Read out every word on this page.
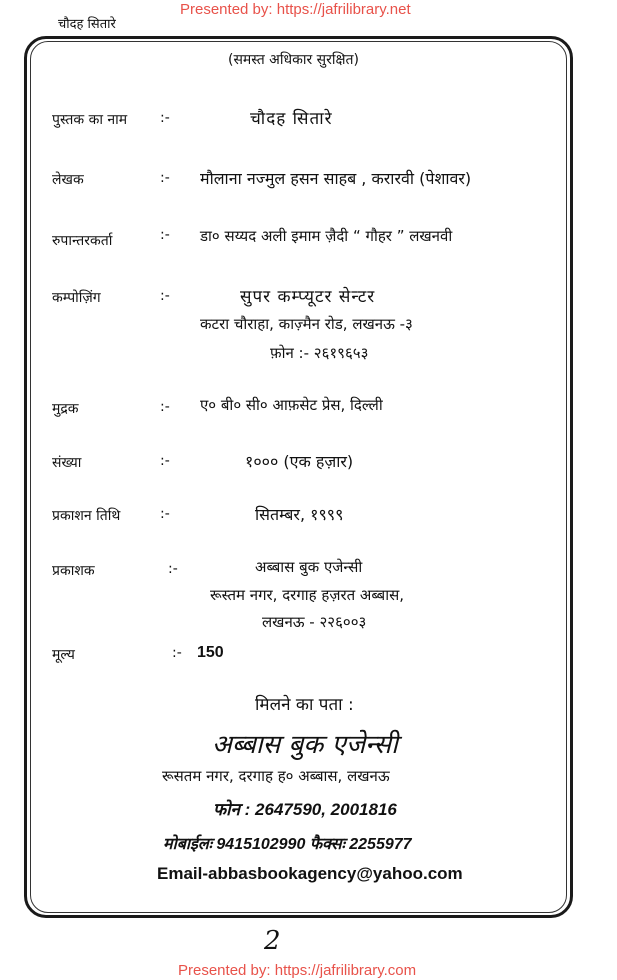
Presented by: https://jafrilibrary.net
चौदह सितारे
(समस्त अधिकार सुरक्षित)
पुस्तक का नाम :-	चौदह सितारे
लेखक	:- मौलाना नज्मुल हसन साहब , करारवी (पेशावर)
रुपान्तरकर्ता	:- डा० सय्यद अली इमाम ज़ैदी “ गौहर ” लखनवी
कम्पोज़िंग	:-	सुपर कम्प्यूटर सेन्टर
कटरा चौराहा, काज़्मैन रोड, लखनऊ -३
फ़ोन :- २६१९६५३
मुद्रक	:- ए० बी० सी० आफ़सेट प्रेस, दिल्ली
संख्या	:-	१००० (एक हज़ार)
प्रकाशन तिथि	:-	सितम्बर, १९९९
प्रकाशक	:-	अब्बास बुक एजेन्सी
रूस्तम नगर, दरगाह हज़रत अब्बास,
लखनऊ - २२६००३
मूल्य	:- 150
मिलने का पता :
अब्बास बुक एजेन्सी
रूसतम नगर, दरगाह ह० अब्बास, लखनऊ
फोन : 2647590, 2001816
मोबाईलः 9415102990 फैक्सः 2255977
Email-abbasbookagency@yahoo.com
2
Presented by: https://jafrilibrary.com
